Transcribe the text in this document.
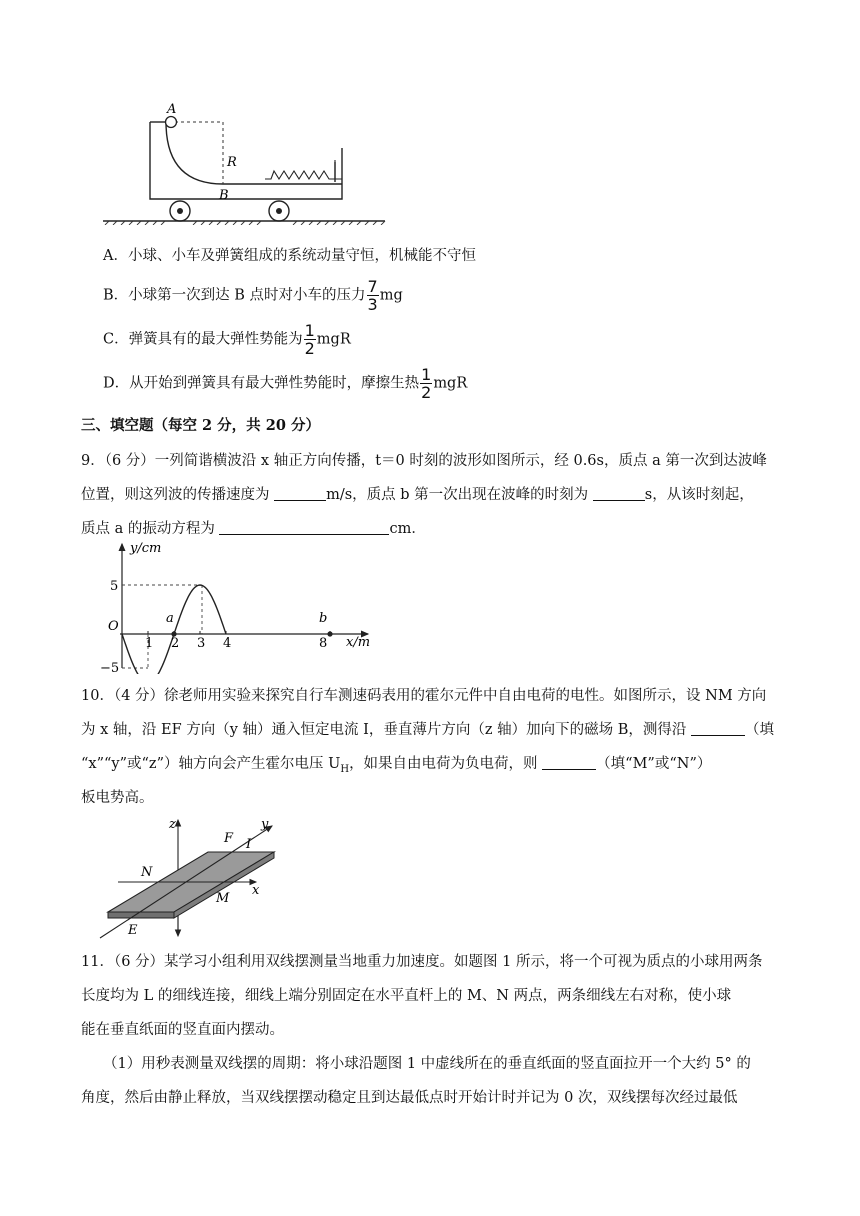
A
R
B
A．小球、小车及弹簧组成的系统动量守恒，机械能不守恒
B．小球第一次到达 B 点时对小车的压力 $\frac{7}{3}$ mg
C．弹簧具有的最大弹性势能为 $\frac{1}{2}$ mgR
D．从开始到弹簧具有最大弹性势能时，摩擦生热 $\frac{1}{2}$ mgR
三、填空题（每空 2 分，共 20 分）
9．（6 分）一列简谐横波沿 x 轴正方向传播，t＝0 时刻的波形如图所示，经 0.6s，质点 a 第一次到达波峰
位置，则这列波的传播速度为	m/s，质点 b 第一次出现在波峰的时刻为	s，从该时刻起，
质点 a 的振动方程为	cm．
y/cm
x/m
O
5
−5
1 2 3 4	8
a	b
10．（4 分）徐老师用实验来探究自行车测速码表用的霍尔元件中自由电荷的电性。如图所示，设 NM 方向
为 x 轴，沿 EF 方向（y 轴）通入恒定电流 I，垂直薄片方向（z 轴）加向下的磁场 B，测得沿	（填
“x”“y”或“z”）轴方向会产生霍尔电压 $U_H$，如果自由电荷为负电荷，则	（填“M”或“N”）
板电势高。
z	y
F I
N
M
x
E
11．（6 分）某学习小组利用双线摆测量当地重力加速度。如题图 1 所示，将一个可视为质点的小球用两条
长度均为 L 的细线连接，细线上端分别固定在水平直杆上的 M、N 两点，两条细线左右对称，使小球
能在垂直纸面的竖直面内摆动。
（1）用秒表测量双线摆的周期：将小球沿题图 1 中虚线所在的垂直纸面的竖直面拉开一个大约 5° 的
角度，然后由静止释放，当双线摆摆动稳定且到达最低点时开始计时并记为 0 次，双线摆每次经过最低
